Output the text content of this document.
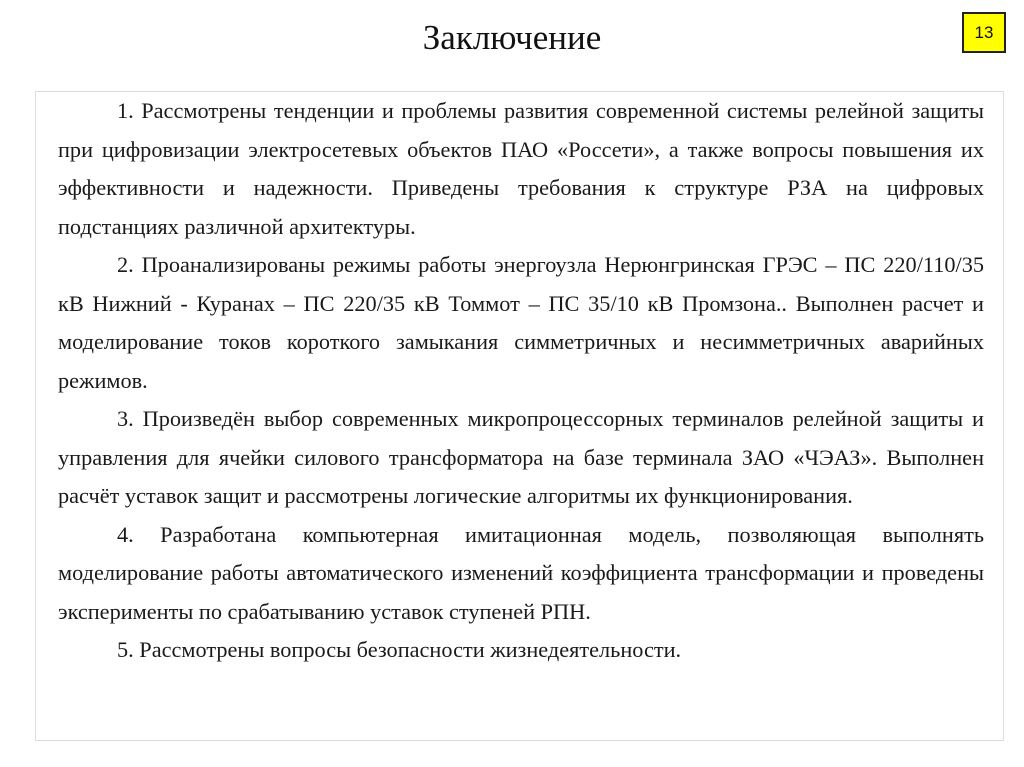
Заключение	13

1. Рассмотрены тенденции и проблемы развития современной системы релейной защиты при цифровизации электросетевых объектов ПАО «Россети», а также вопросы повышения их эффективности и надежности. Приведены требования к структуре РЗА на цифровых подстанциях различной архитектуры.

2. Проанализированы режимы работы энергоузла Нерюнгринская ГРЭС – ПС 220/110/35 кВ Нижний - Куранах – ПС 220/35 кВ Томмот – ПС 35/10 кВ Промзона.. Выполнен расчет и моделирование токов короткого замыкания симметричных и несимметричных аварийных режимов.

3. Произведён выбор современных микропроцессорных терминалов релейной защиты и управления для ячейки силового трансформатора на базе терминала ЗАО «ЧЭАЗ». Выполнен расчёт уставок защит и рассмотрены логические алгоритмы их функционирования.

4. Разработана компьютерная имитационная модель, позволяющая выполнять моделирование работы автоматического изменений коэффициента трансформации и проведены эксперименты по срабатыванию уставок ступеней РПН.

5. Рассмотрены вопросы безопасности жизнедеятельности.
